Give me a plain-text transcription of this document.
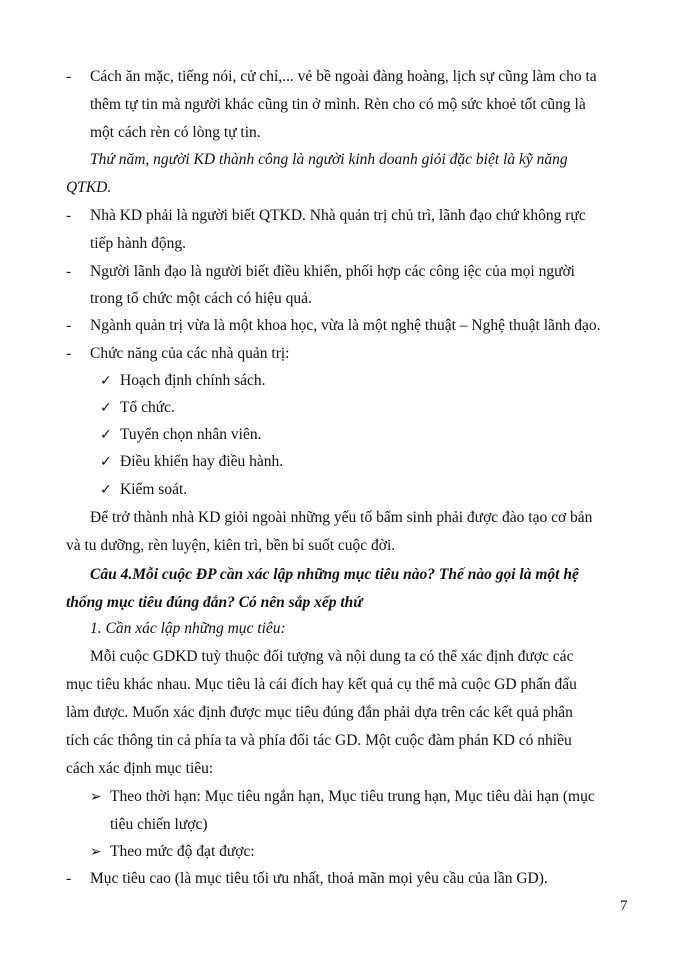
-	Cách ăn mặc, tiếng nói, cử chỉ,... vẻ bề ngoài đàng hoàng, lịch sự cũng làm cho ta
thêm tự tin mà người khác cũng tin ở mình. Rèn cho có mộ sức khoẻ tốt cũng là
một cách rèn có lòng tự tin.
Thứ năm, người KD thành công là người kinh doanh giỏi đặc biệt là kỹ năng
QTKD.
-	Nhà KD phải là người biết QTKD. Nhà quản trị chủ trì, lãnh đạo chứ không rực
tiếp hành động.
-	Người lãnh đạo là người biết điều khiển, phối hợp các công iệc của mọi người
trong tổ chức một cách có hiệu quả.
-	Ngành quản trị vừa là một khoa học, vừa là một nghệ thuật – Nghệ thuật lãnh đạo.
-	Chức năng của các nhà quản trị:
✓ Hoạch định chính sách.
✓ Tổ chức.
✓ Tuyển chọn nhân viên.
✓ Điều khiển hay điều hành.
✓ Kiểm soát.
Để trở thành nhà KD giỏi ngoài những yếu tố bẩm sinh phải được đào tạo cơ bản
và tu dưỡng, rèn luyện, kiên trì, bền bỉ suốt cuộc đời.
Câu 4.Mỗi cuộc ĐP cần xác lập những mục tiêu nào? Thế nào gọi là một hệ
thống mục tiêu đúng đắn? Có nên sắp xếp thứ
1. Cần xác lập những mục tiêu:
Mỗi cuộc GDKD tuỳ thuộc đối tượng và nội dung ta có thể xác định được các
mục tiêu khác nhau. Mục tiêu là cái đích hay kết quả cụ thể mà cuộc GD phấn đấu
làm được. Muốn xác định được mục tiêu đúng đắn phải dựa trên các kết quả phân
tích các thông tin cả phía ta và phía đối tác GD. Một cuộc đàm phán KD có nhiều
cách xác định mục tiêu:
➢ Theo thời hạn: Mục tiêu ngắn hạn, Mục tiêu trung hạn, Mục tiêu dài hạn (mục
tiêu chiến lược)
➢ Theo mức độ đạt được:
-	Mục tiêu cao (là mục tiêu tối ưu nhất, thoả mãn mọi yêu cầu của lần GD).
7
